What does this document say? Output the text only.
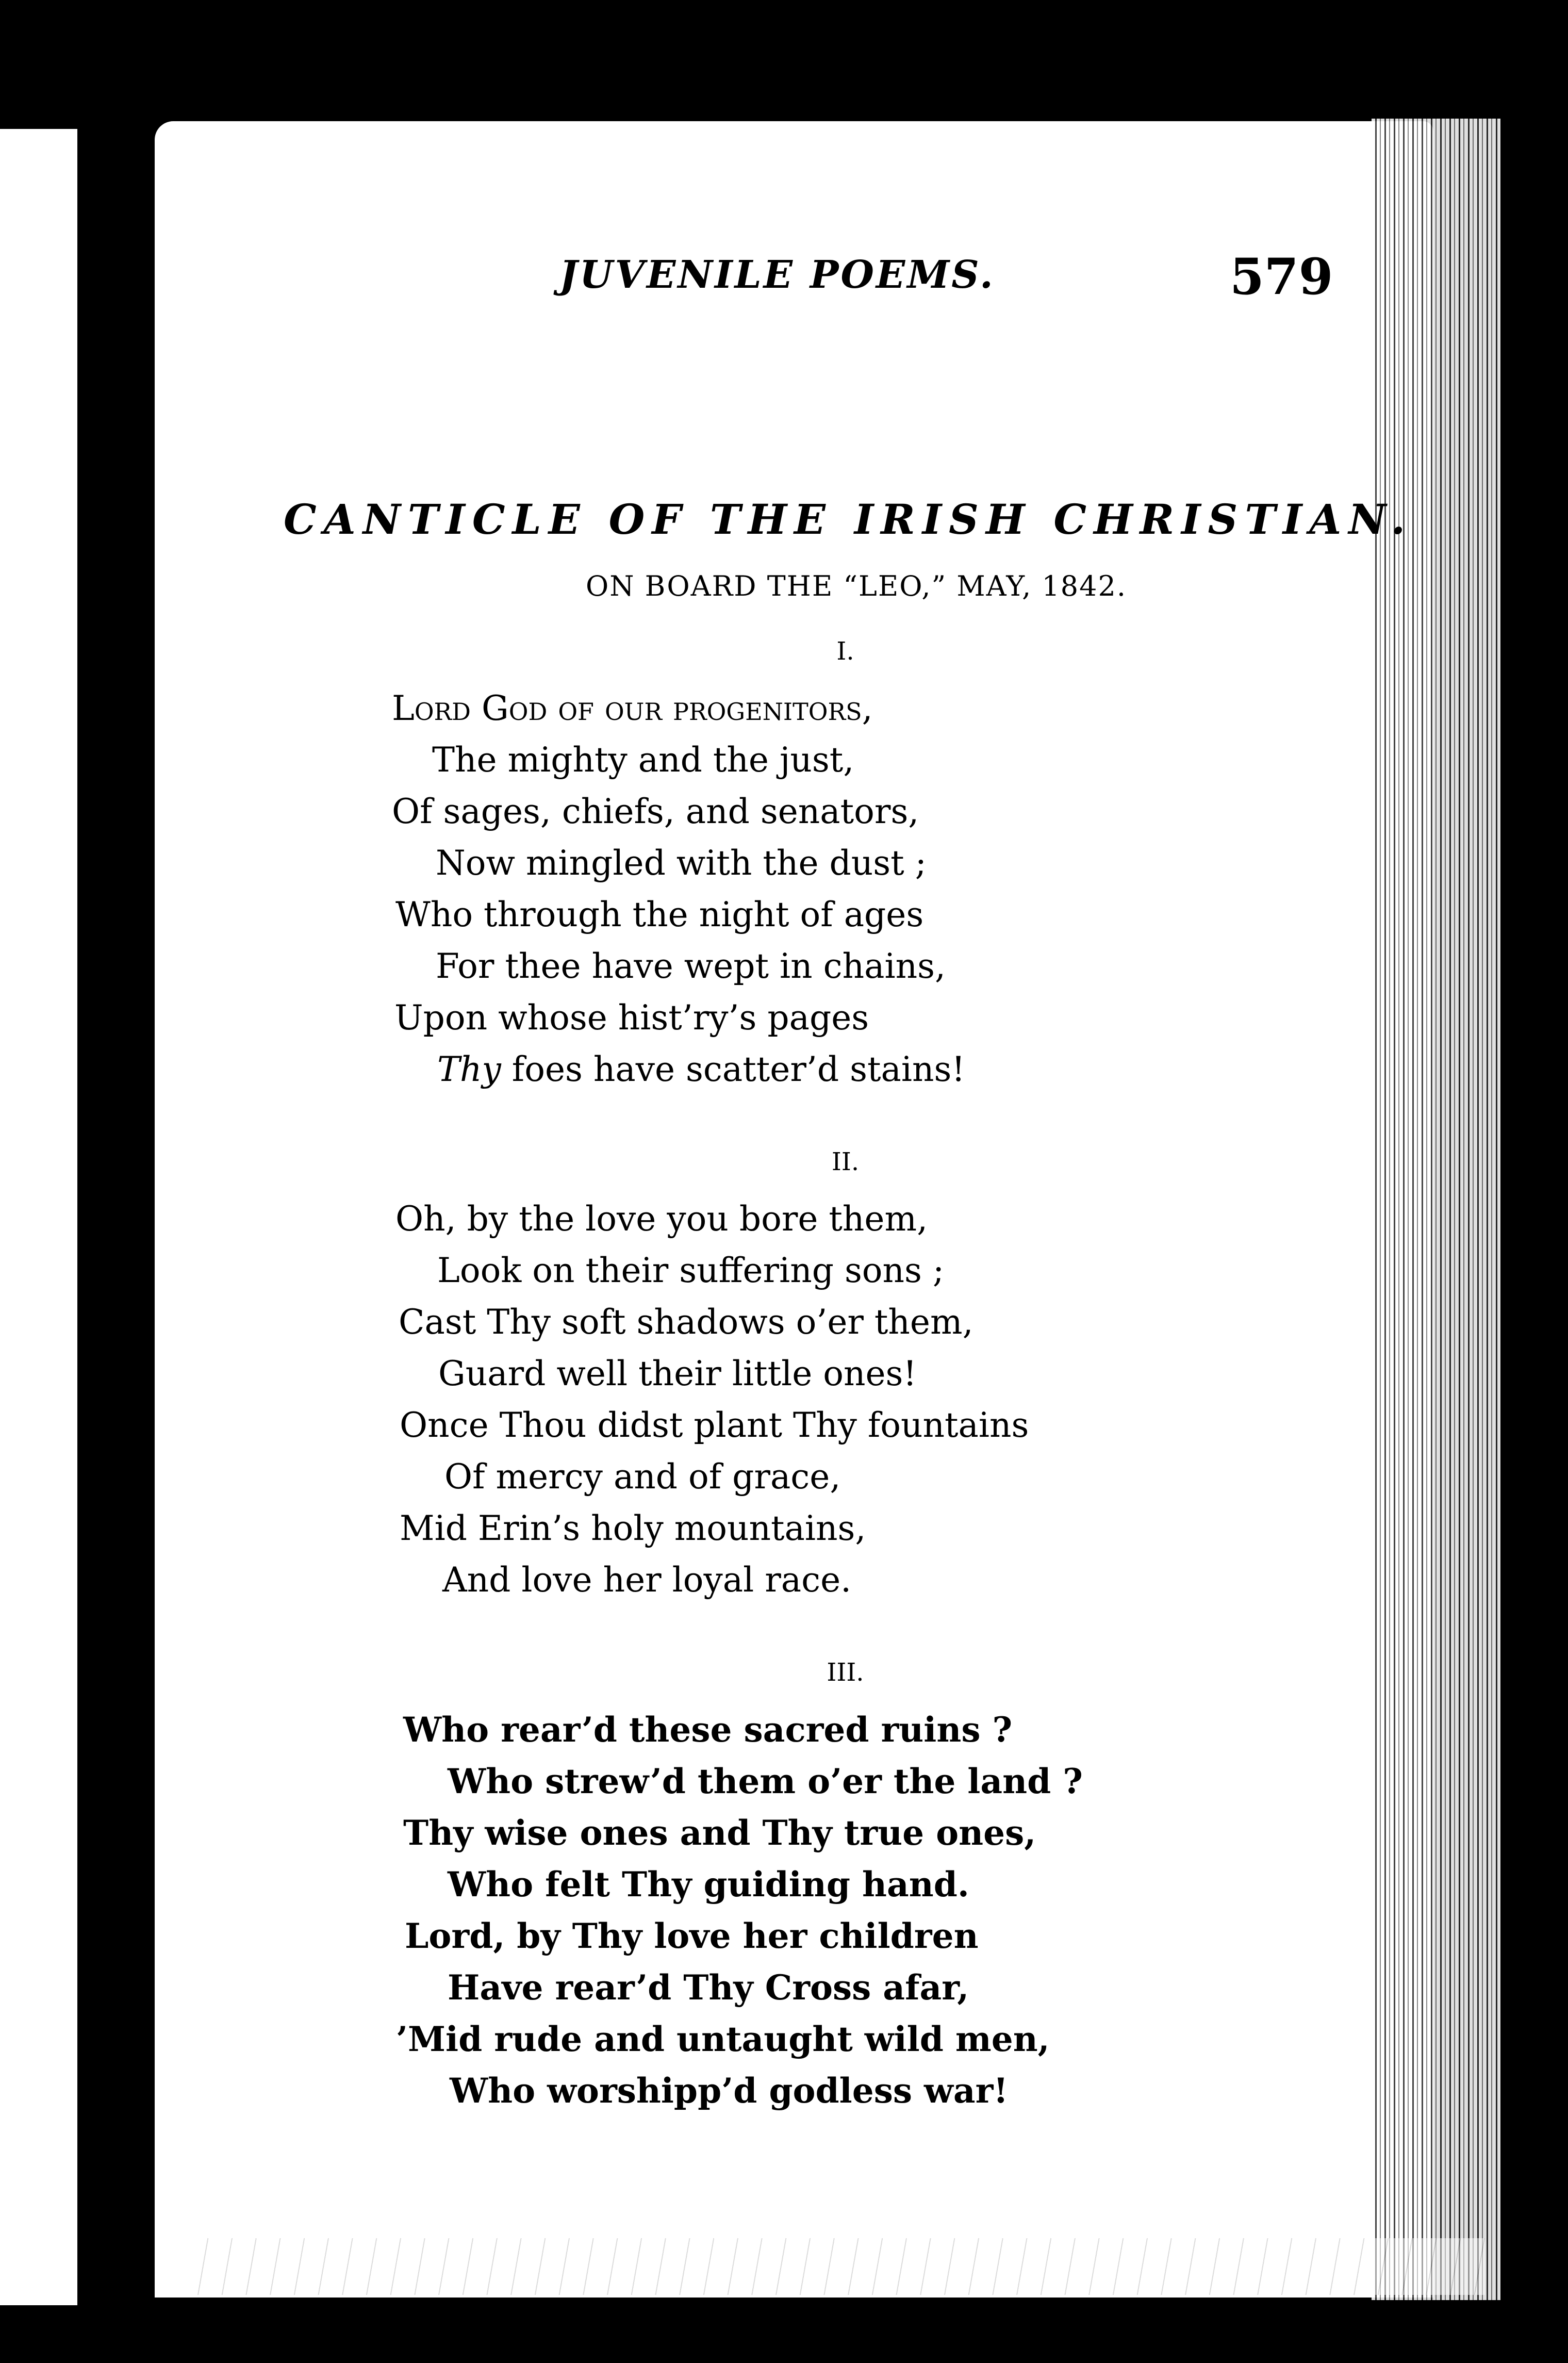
JUVENILE POEMS.	579
CANTICLE OF THE IRISH CHRISTIAN.
ON BOARD THE “LEO,” MAY, 1842.
I.
Lord God of our progenitors,
The mighty and the just,
Of sages, chiefs, and senators,
Now mingled with the dust ;
Who through the night of ages
For thee have wept in chains,
Upon whose hist’ry’s pages
Thy foes have scatter’d stains!
II.
Oh, by the love you bore them,
Look on their suffering sons ;
Cast Thy soft shadows o’er them,
Guard well their little ones!
Once Thou didst plant Thy fountains
Of mercy and of grace,
Mid Erin’s holy mountains,
And love her loyal race.
III.
Who rear’d these sacred ruins ?
Who strew’d them o’er the land ?
Thy wise ones and Thy true ones,
Who felt Thy guiding hand.
Lord, by Thy love her children
Have rear’d Thy Cross afar,
’Mid rude and untaught wild men,
Who worshipp’d godless war!
